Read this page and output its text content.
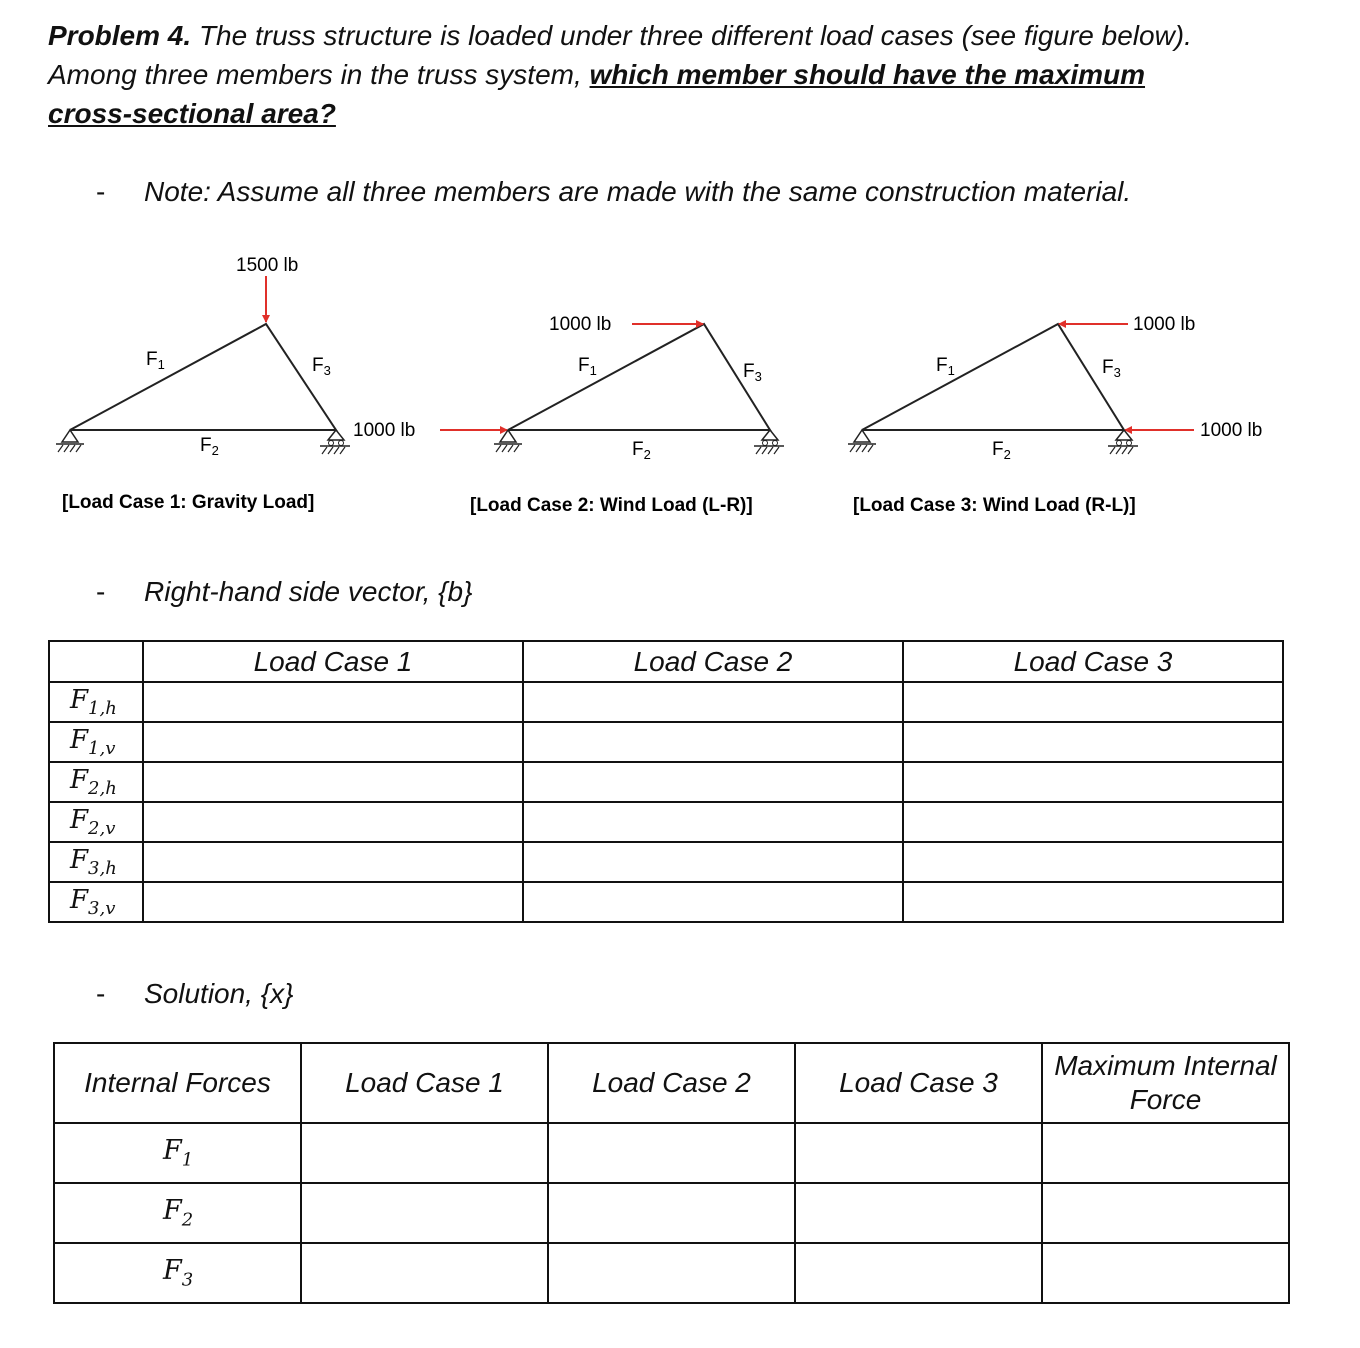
Problem 4. The truss structure is loaded under three different load cases (see figure below). Among three members in the truss system, which member should have the maximum cross-sectional area?
- Note: Assume all three members are made with the same construction material.
1500 lb
$F_1$	$F_3$
$F_2$
[Load Case 1: Gravity Load]
1000 lb
1000 lb
$F_1$	$F_3$
$F_2$
[Load Case 2: Wind Load (L-R)]
1000 lb
1000 lb
$F_1$	$F_3$
$F_2$
[Load Case 3: Wind Load (R-L)]
- Right-hand side vector, {b}
	Load Case 1	Load Case 2	Load Case 3
$F_{1,h}$			
$F_{1,v}$			
$F_{2,h}$			
$F_{2,v}$			
$F_{3,h}$			
$F_{3,v}$			
- Solution, {x}
Internal Forces	Load Case 1	Load Case 2	Load Case 3	Maximum Internal Force
$F_1$				
$F_2$				
$F_3$				
